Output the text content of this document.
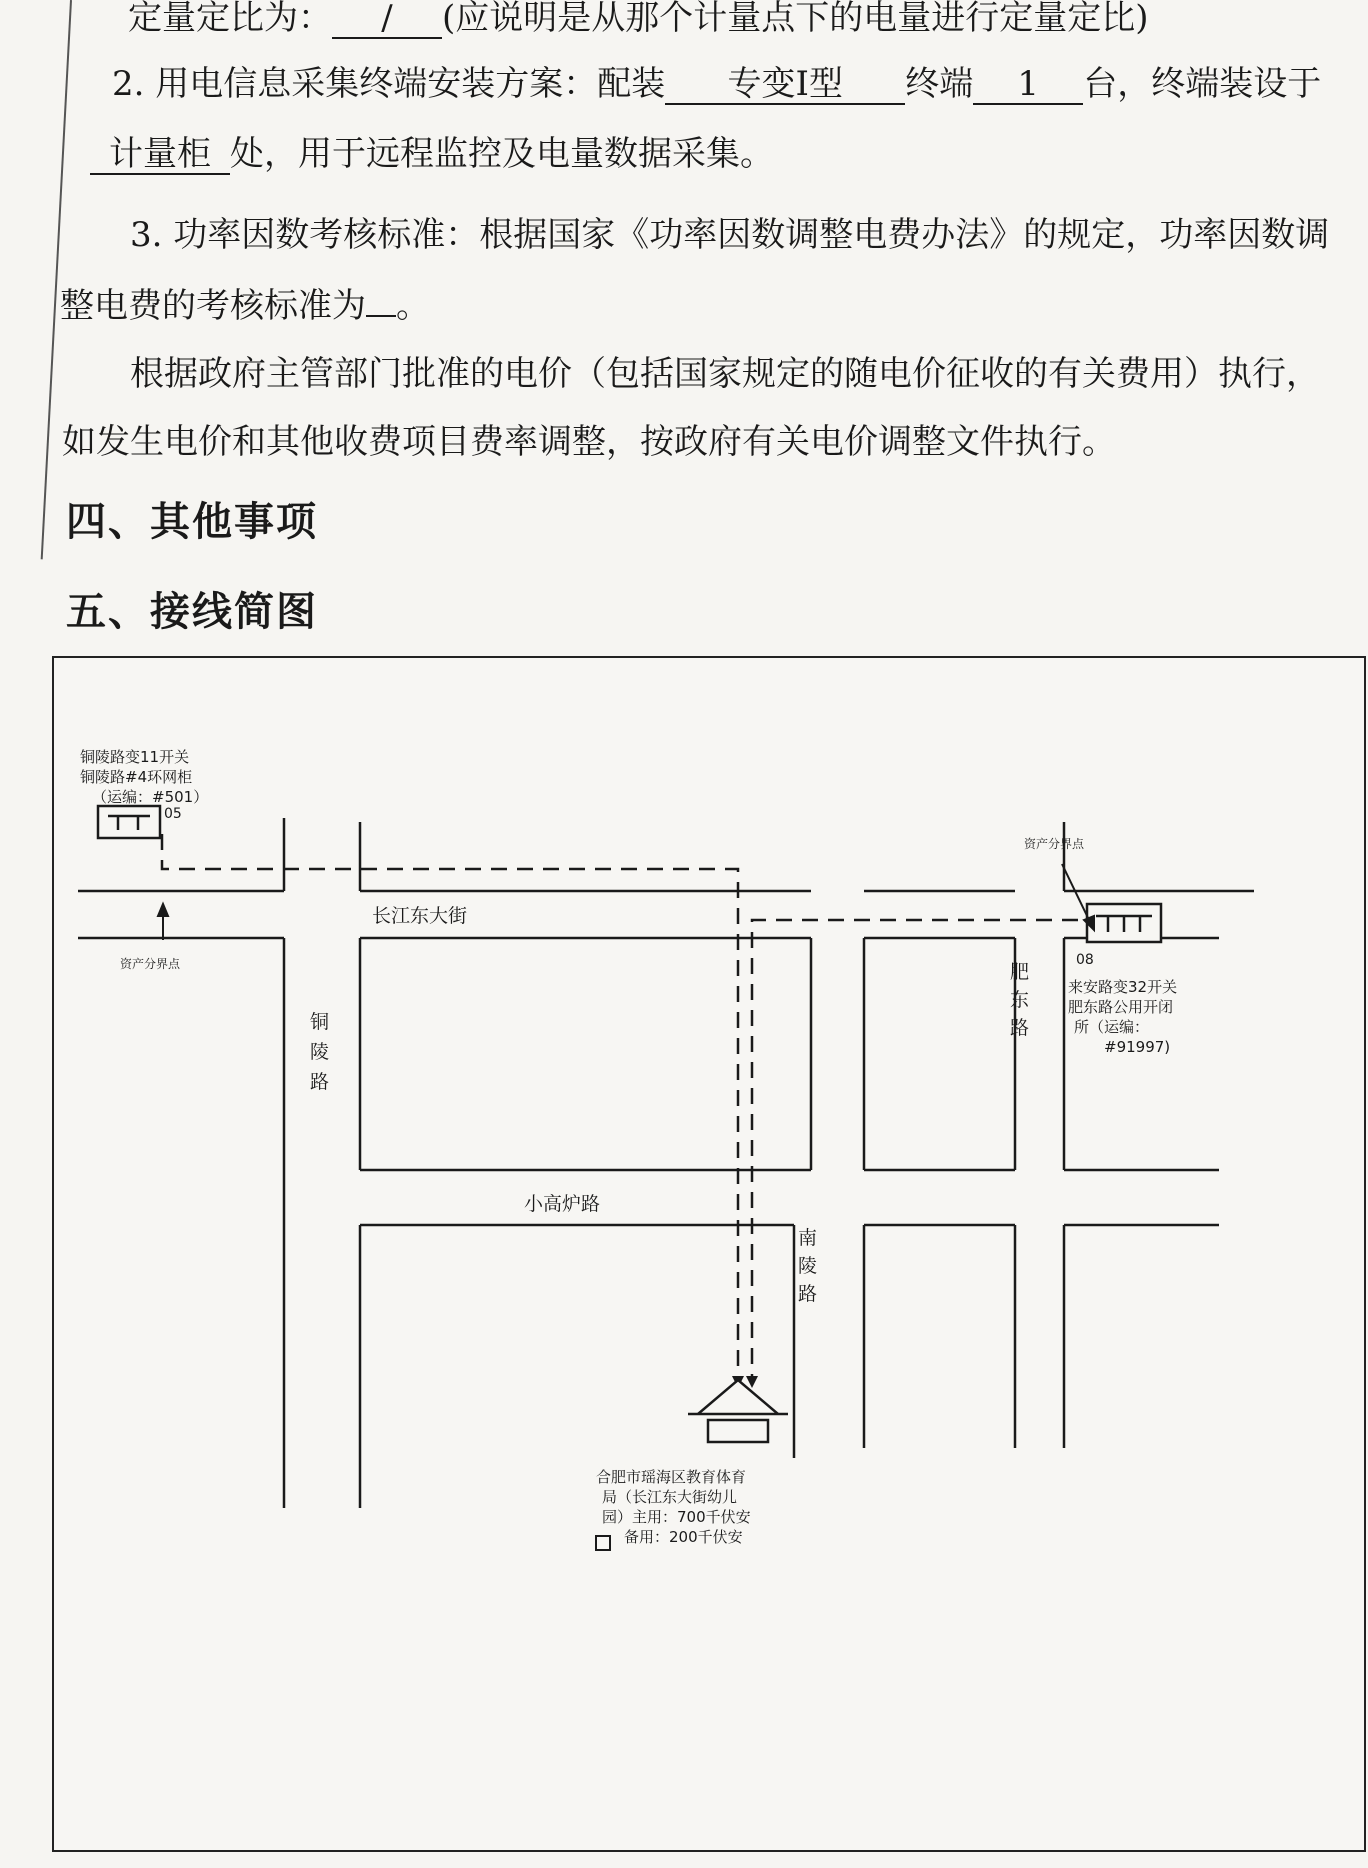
定量定比为： / (应说明是从那个计量点下的电量进行定量定比)
2. 用电信息采集终端安装方案：配装 专变Ⅰ型 终端 1 台，终端装设于
计量柜 处，用于远程监控及电量数据采集。
3. 功率因数考核标准：根据国家《功率因数调整电费办法》的规定，功率因数调
整电费的考核标准为 。
根据政府主管部门批准的电价（包括国家规定的随电价征收的有关费用）执行，
如发生电价和其他收费项目费率调整，按政府有关电价调整文件执行。
四、其他事项
五、接线简图
铜陵路变11开关
铜陵路#4环网柜
（运编：#501）
05
资产分界点
资产分界点
08
来安路变32开关
肥东路公用开闭
所（运编：
#91997)
合肥市瑶海区教育体育
局（长江东大街幼儿
园）主用：700千伏安
备用：200千伏安
长江东大街
小高炉路
铜
陵
路
肥
东
路
南
陵
路
